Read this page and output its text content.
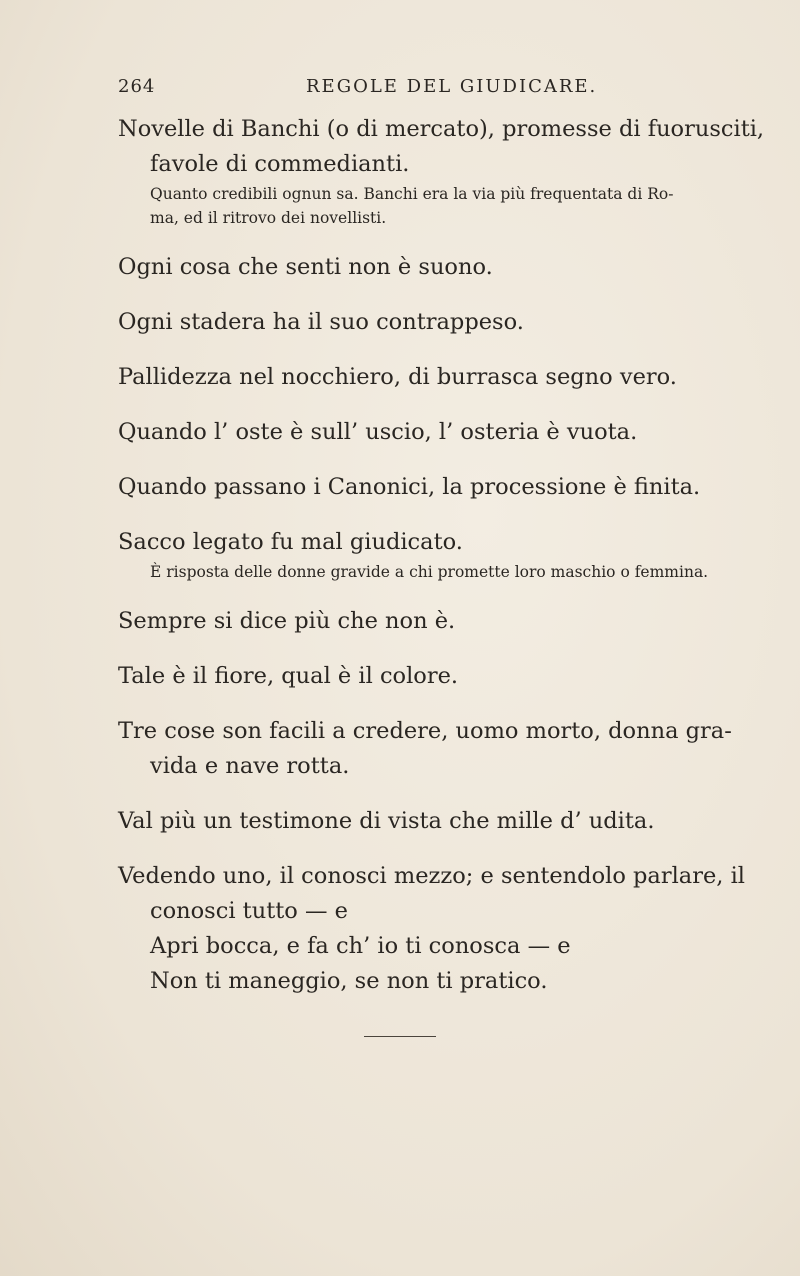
264	REGOLE DEL GIUDICARE.
Novelle di Banchi (o di mercato), promesse di fuorusciti,
favole di commedianti.
Quanto credibili ognun sa. Banchi era la via più frequentata di Ro-
ma, ed il ritrovo dei novellisti.
Ogni cosa che senti non è suono.
Ogni stadera ha il suo contrappeso.
Pallidezza nel nocchiero, di burrasca segno vero.
Quando l’ oste è sull’ uscio, l’ osteria è vuota.
Quando passano i Canonici, la processione è finita.
Sacco legato fu mal giudicato.
È risposta delle donne gravide a chi promette loro maschio o femmina.
Sempre si dice più che non è.
Tale è il fiore, qual è il colore.
Tre cose son facili a credere, uomo morto, donna gra-
vida e nave rotta.
Val più un testimone di vista che mille d’ udita.
Vedendo uno, il conosci mezzo; e sentendolo parlare, il
conosci tutto — e
Apri bocca, e fa ch’ io ti conosca — e
Non ti maneggio, se non ti pratico.
